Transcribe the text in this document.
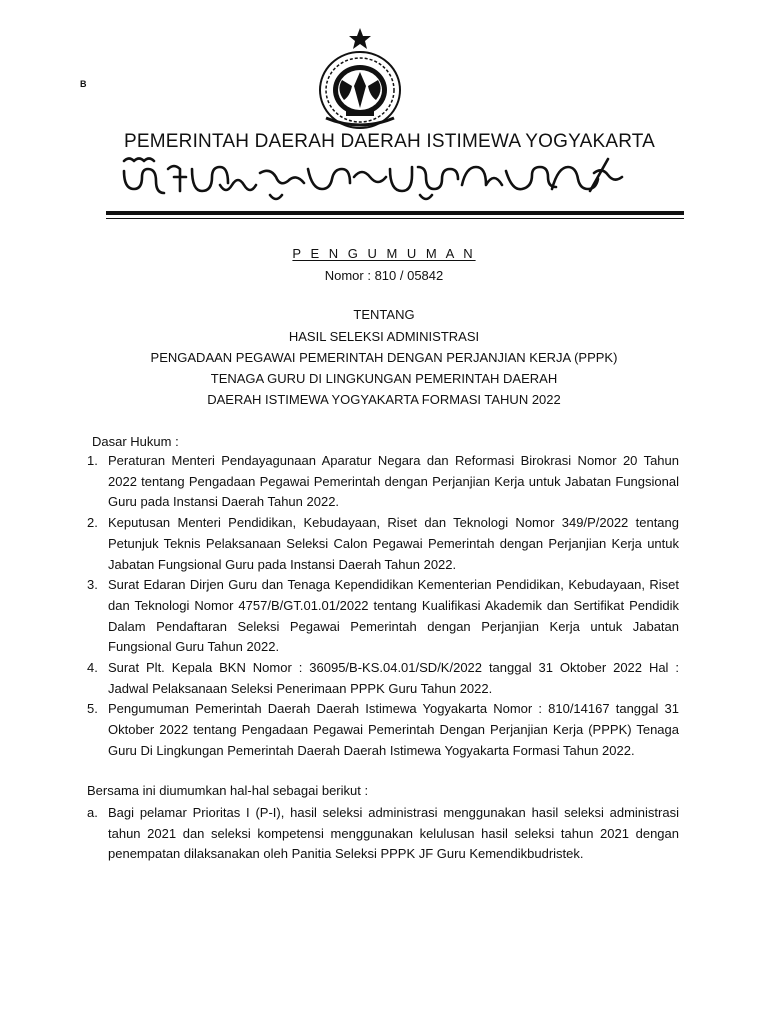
B
PEMERINTAH DAERAH DAERAH ISTIMEWA YOGYAKARTA
P E N G U M U M A N
Nomor : 810 / 05842
TENTANG
HASIL SELEKSI ADMINISTRASI
PENGADAAN PEGAWAI PEMERINTAH DENGAN PERJANJIAN KERJA (PPPK)
TENAGA GURU DI LINGKUNGAN PEMERINTAH DAERAH
DAERAH ISTIMEWA YOGYAKARTA FORMASI TAHUN 2022
Dasar Hukum :
1. Peraturan Menteri Pendayagunaan Aparatur Negara dan Reformasi Birokrasi Nomor 20 Tahun 2022 tentang Pengadaan Pegawai Pemerintah dengan Perjanjian Kerja untuk Jabatan Fungsional Guru pada Instansi Daerah Tahun 2022.
2. Keputusan Menteri Pendidikan, Kebudayaan, Riset dan Teknologi Nomor 349/P/2022 tentang Petunjuk Teknis Pelaksanaan Seleksi Calon Pegawai Pemerintah dengan Perjanjian Kerja untuk Jabatan Fungsional Guru pada Instansi Daerah Tahun 2022.
3. Surat Edaran Dirjen Guru dan Tenaga Kependidikan Kementerian Pendidikan, Kebudayaan, Riset dan Teknologi Nomor 4757/B/GT.01.01/2022 tentang Kualifikasi Akademik dan Sertifikat Pendidik Dalam Pendaftaran Seleksi Pegawai Pemerintah dengan Perjanjian Kerja untuk Jabatan Fungsional Guru Tahun 2022.
4. Surat Plt. Kepala BKN Nomor : 36095/B-KS.04.01/SD/K/2022 tanggal 31 Oktober 2022 Hal : Jadwal Pelaksanaan Seleksi Penerimaan PPPK Guru Tahun 2022.
5. Pengumuman Pemerintah Daerah Daerah Istimewa Yogyakarta Nomor : 810/14167 tanggal 31 Oktober 2022 tentang Pengadaan Pegawai Pemerintah Dengan Perjanjian Kerja (PPPK) Tenaga Guru Di Lingkungan Pemerintah Daerah Daerah Istimewa Yogyakarta Formasi Tahun 2022.
Bersama ini diumumkan hal-hal sebagai berikut :
a. Bagi pelamar Prioritas I (P-I), hasil seleksi administrasi menggunakan hasil seleksi administrasi tahun 2021 dan seleksi kompetensi menggunakan kelulusan hasil seleksi tahun 2021 dengan penempatan dilaksanakan oleh Panitia Seleksi PPPK JF Guru Kemendikbudristek.
